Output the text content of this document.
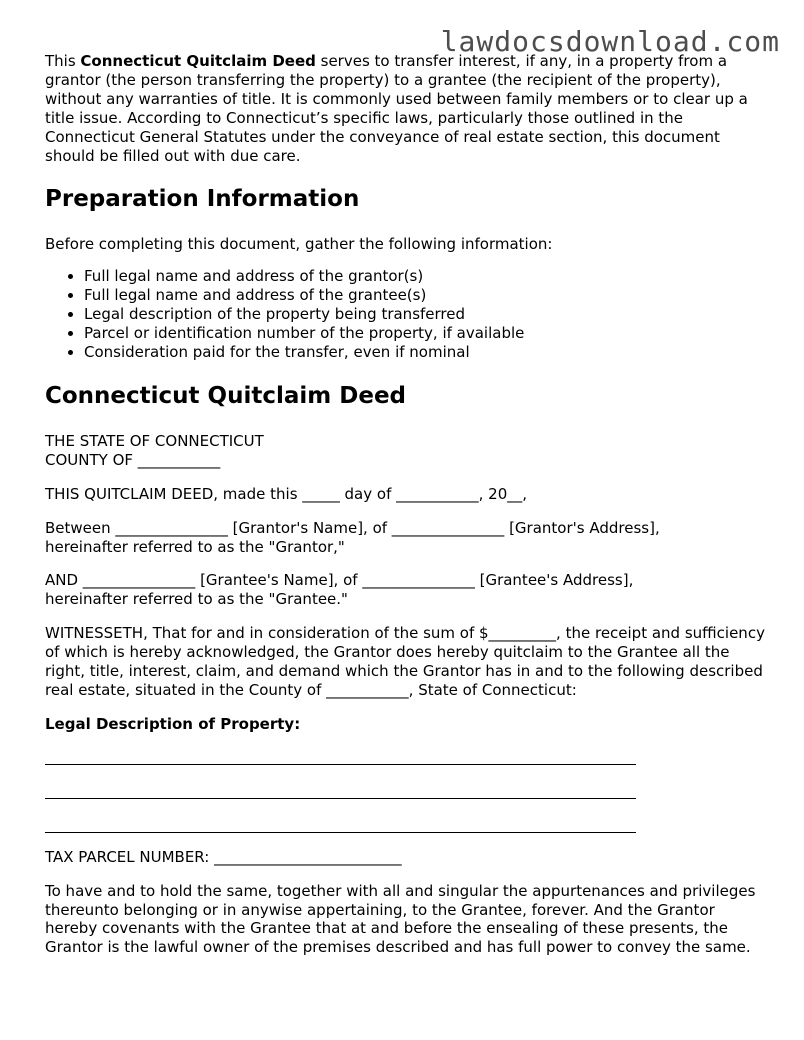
lawdocsdownload.com

This Connecticut Quitclaim Deed serves to transfer interest, if any, in a property from a grantor (the person transferring the property) to a grantee (the recipient of the property), without any warranties of title. It is commonly used between family members or to clear up a title issue. According to Connecticut’s specific laws, particularly those outlined in the Connecticut General Statutes under the conveyance of real estate section, this document should be filled out with due care.

Preparation Information

Before completing this document, gather the following information:

• Full legal name and address of the grantor(s)
• Full legal name and address of the grantee(s)
• Legal description of the property being transferred
• Parcel or identification number of the property, if available
• Consideration paid for the transfer, even if nominal
Connecticut Quitclaim Deed

THE STATE OF CONNECTICUT

COUNTY OF ___________

THIS QUITCLAIM DEED, made this _____ day of ___________, 20__,

Between _______________ [Grantor's Name], of _______________ [Grantor's Address],

hereinafter referred to as the "Grantor,"

AND _______________ [Grantee's Name], of _______________ [Grantee's Address],

hereinafter referred to as the "Grantee."

WITNESSETH, That for and in consideration of the sum of $_________, the receipt and sufficiency of which is hereby acknowledged, the Grantor does hereby quitclaim to the Grantee all the right, title, interest, claim, and demand which the Grantor has in and to the following described real estate, situated in the County of ___________, State of Connecticut:

Legal Description of Property:

TAX PARCEL NUMBER: _________________________

To have and to hold the same, together with all and singular the appurtenances and privileges thereunto belonging or in anywise appertaining, to the Grantee, forever. And the Grantor hereby covenants with the Grantee that at and before the ensealing of these presents, the Grantor is the lawful owner of the premises described and has full power to convey the same.
